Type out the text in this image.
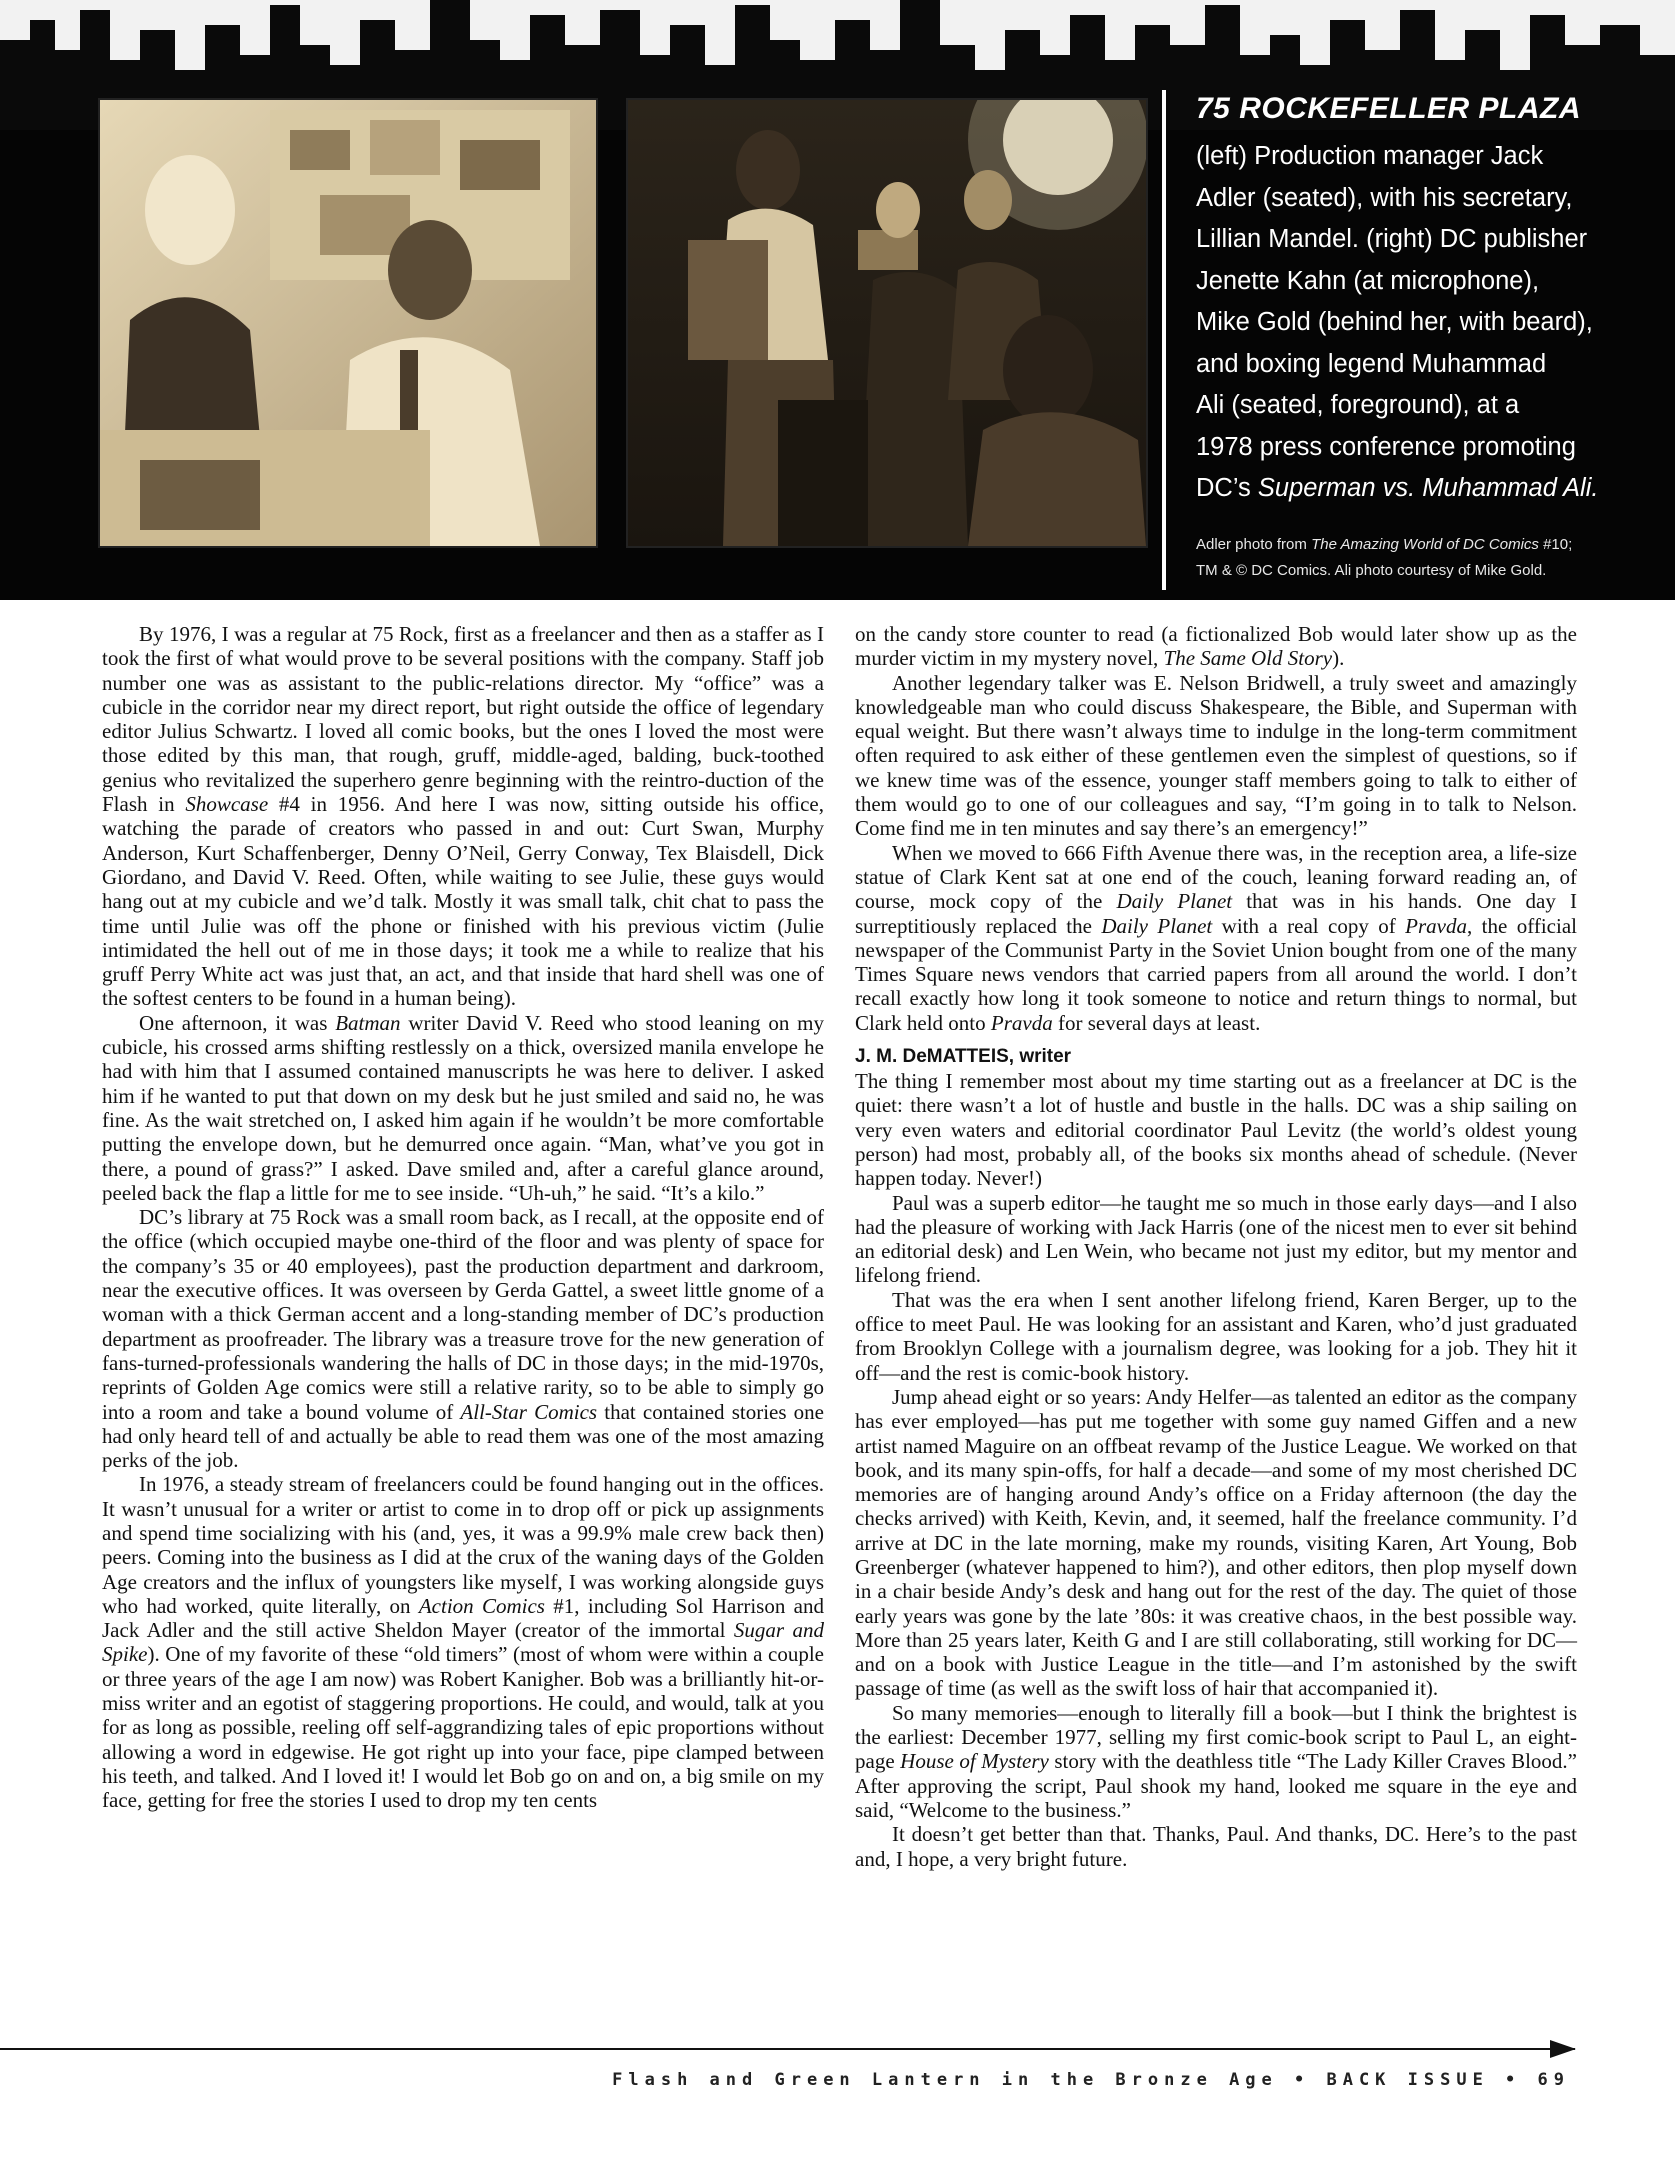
75 ROCKEFELLER PLAZA

(left) Production manager Jack
Adler (seated), with his secretary,
Lillian Mandel. (right) DC publisher
Jenette Kahn (at microphone),
Mike Gold (behind her, with beard),
and boxing legend Muhammad
Ali (seated, foreground), at a
1978 press conference promoting
DC’s Superman vs. Muhammad Ali.

Adler photo from The Amazing World of DC Comics #10;
TM & © DC Comics. Ali photo courtesy of Mike Gold.

By 1976, I was a regular at 75 Rock, first as a freelancer and then as a staffer as I took the first of what would prove to be several positions with the company. Staff job number one was as assistant to the public-relations director. My “office” was a cubicle in the corridor near my direct report, but right outside the office of legendary editor Julius Schwartz. I loved all comic books, but the ones I loved the most were those edited by this man, that rough, gruff, middle-aged, balding, buck-toothed genius who revitalized the superhero genre beginning with the reintro-duction of the Flash in Showcase #4 in 1956. And here I was now, sitting outside his office, watching the parade of creators who passed in and out: Curt Swan, Murphy Anderson, Kurt Schaffenberger, Denny O’Neil, Gerry Conway, Tex Blaisdell, Dick Giordano, and David V. Reed. Often, while waiting to see Julie, these guys would hang out at my cubicle and we’d talk. Mostly it was small talk, chit chat to pass the time until Julie was off the phone or finished with his previous victim (Julie intimidated the hell out of me in those days; it took me a while to realize that his gruff Perry White act was just that, an act, and that inside that hard shell was one of the softest centers to be found in a human being).

One afternoon, it was Batman writer David V. Reed who stood leaning on my cubicle, his crossed arms shifting restlessly on a thick, oversized manila envelope he had with him that I assumed contained manuscripts he was here to deliver. I asked him if he wanted to put that down on my desk but he just smiled and said no, he was fine. As the wait stretched on, I asked him again if he wouldn’t be more comfortable putting the envelope down, but he demurred once again. “Man, what’ve you got in there, a pound of grass?” I asked. Dave smiled and, after a careful glance around, peeled back the flap a little for me to see inside. “Uh-uh,” he said. “It’s a kilo.”

DC’s library at 75 Rock was a small room back, as I recall, at the opposite end of the office (which occupied maybe one-third of the floor and was plenty of space for the company’s 35 or 40 employees), past the production department and darkroom, near the executive offices. It was overseen by Gerda Gattel, a sweet little gnome of a woman with a thick German accent and a long-standing member of DC’s production department as proofreader. The library was a treasure trove for the new generation of fans-turned-professionals wandering the halls of DC in those days; in the mid-1970s, reprints of Golden Age comics were still a relative rarity, so to be able to simply go into a room and take a bound volume of All-Star Comics that contained stories one had only heard tell of and actually be able to read them was one of the most amazing perks of the job.

In 1976, a steady stream of freelancers could be found hanging out in the offices. It wasn’t unusual for a writer or artist to come in to drop off or pick up assignments and spend time socializing with his (and, yes, it was a 99.9% male crew back then) peers. Coming into the business as I did at the crux of the waning days of the Golden Age creators and the influx of youngsters like myself, I was working alongside guys who had worked, quite literally, on Action Comics #1, including Sol Harrison and Jack Adler and the still active Sheldon Mayer (creator of the immortal Sugar and Spike). One of my favorite of these “old timers” (most of whom were within a couple or three years of the age I am now) was Robert Kanigher. Bob was a brilliantly hit-or-miss writer and an egotist of staggering proportions. He could, and would, talk at you for as long as possible, reeling off self-aggrandizing tales of epic proportions without allowing a word in edgewise. He got right up into your face, pipe clamped between his teeth, and talked. And I loved it! I would let Bob go on and on, a big smile on my face, getting for free the stories I used to drop my ten cents

on the candy store counter to read (a fictionalized Bob would later show up as the murder victim in my mystery novel, The Same Old Story).

Another legendary talker was E. Nelson Bridwell, a truly sweet and amazingly knowledgeable man who could discuss Shakespeare, the Bible, and Superman with equal weight. But there wasn’t always time to indulge in the long-term commitment often required to ask either of these gentlemen even the simplest of questions, so if we knew time was of the essence, younger staff members going to talk to either of them would go to one of our colleagues and say, “I’m going in to talk to Nelson. Come find me in ten minutes and say there’s an emergency!”

When we moved to 666 Fifth Avenue there was, in the reception area, a life-size statue of Clark Kent sat at one end of the couch, leaning forward reading an, of course, mock copy of the Daily Planet that was in his hands. One day I surreptitiously replaced the Daily Planet with a real copy of Pravda, the official newspaper of the Communist Party in the Soviet Union bought from one of the many Times Square news vendors that carried papers from all around the world. I don’t recall exactly how long it took someone to notice and return things to normal, but Clark held onto Pravda for several days at least.

J. M. DeMATTEIS, writer

The thing I remember most about my time starting out as a freelancer at DC is the quiet: there wasn’t a lot of hustle and bustle in the halls. DC was a ship sailing on very even waters and editorial coordinator Paul Levitz (the world’s oldest young person) had most, probably all, of the books six months ahead of schedule. (Never happen today. Never!)

Paul was a superb editor—he taught me so much in those early days—and I also had the pleasure of working with Jack Harris (one of the nicest men to ever sit behind an editorial desk) and Len Wein, who became not just my editor, but my mentor and lifelong friend.

That was the era when I sent another lifelong friend, Karen Berger, up to the office to meet Paul. He was looking for an assistant and Karen, who’d just graduated from Brooklyn College with a journalism degree, was looking for a job. They hit it off—and the rest is comic-book history.

Jump ahead eight or so years: Andy Helfer—as talented an editor as the company has ever employed—has put me together with some guy named Giffen and a new artist named Maguire on an offbeat revamp of the Justice League. We worked on that book, and its many spin-offs, for half a decade—and some of my most cherished DC memories are of hanging around Andy’s office on a Friday afternoon (the day the checks arrived) with Keith, Kevin, and, it seemed, half the freelance community. I’d arrive at DC in the late morning, make my rounds, visiting Karen, Art Young, Bob Greenberger (whatever happened to him?), and other editors, then plop myself down in a chair beside Andy’s desk and hang out for the rest of the day. The quiet of those early years was gone by the late ’80s: it was creative chaos, in the best possible way. More than 25 years later, Keith G and I are still collaborating, still working for DC—and on a book with Justice League in the title—and I’m astonished by the swift passage of time (as well as the swift loss of hair that accompanied it).

So many memories—enough to literally fill a book—but I think the brightest is the earliest: December 1977, selling my first comic-book script to Paul L, an eight-page House of Mystery story with the deathless title “The Lady Killer Craves Blood.” After approving the script, Paul shook my hand, looked me square in the eye and said, “Welcome to the business.”

It doesn’t get better than that. Thanks, Paul. And thanks, DC. Here’s to the past and, I hope, a very bright future.

Flash and Green Lantern in the Bronze Age • BACK ISSUE • 69
